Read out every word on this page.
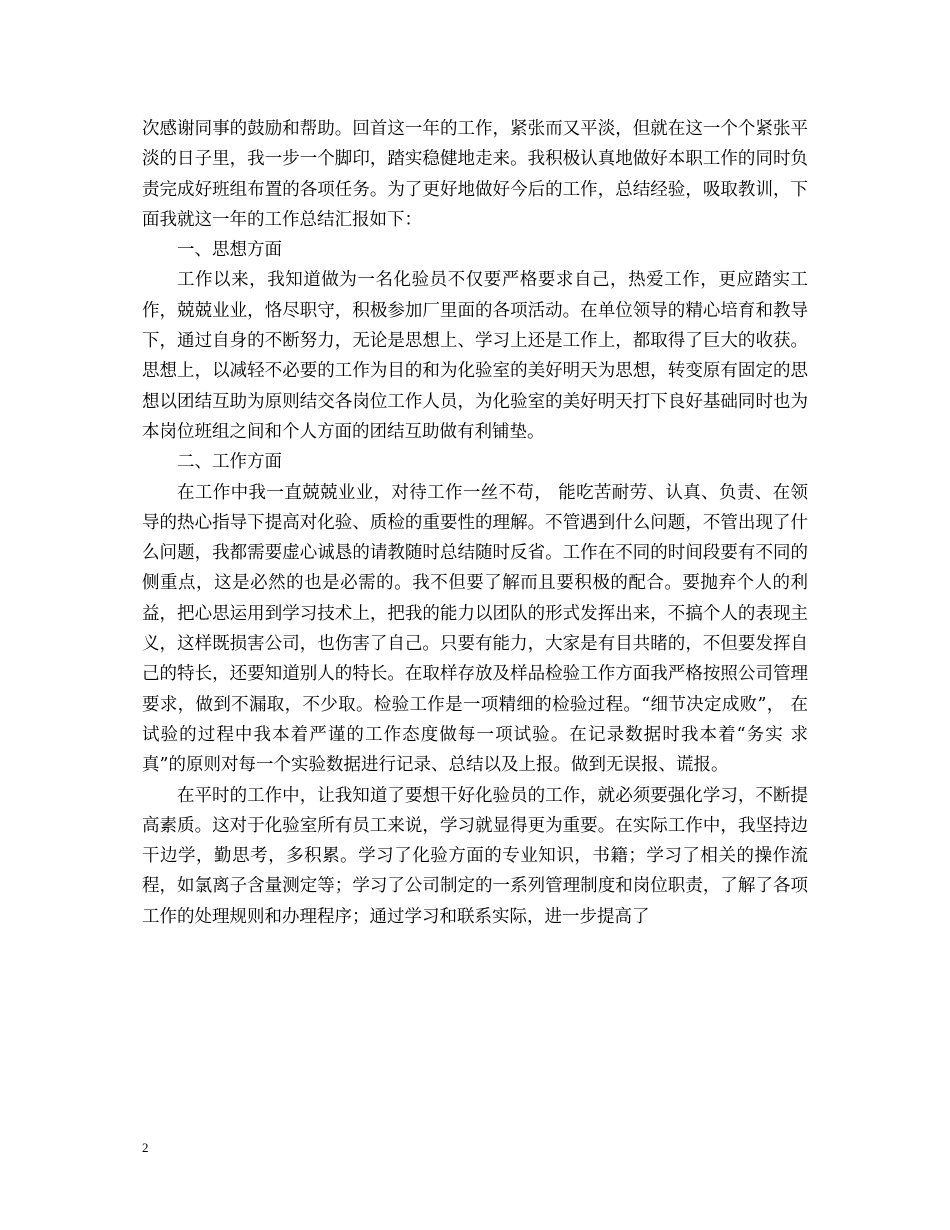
次感谢同事的鼓励和帮助。回首这一年的工作，紧张而又平淡，但就在这一个个紧张平淡的日子里，我一步一个脚印，踏实稳健地走来。我积极认真地做好本职工作的同时负责完成好班组布置的各项任务。为了更好地做好今后的工作，总结经验，吸取教训，下面我就这一年的工作总结汇报如下：

一、思想方面

工作以来，我知道做为一名化验员不仅要严格要求自己，热爱工作，更应踏实工作，兢兢业业，恪尽职守，积极参加厂里面的各项活动。在单位领导的精心培育和教导下，通过自身的不断努力，无论是思想上、学习上还是工作上，都取得了巨大的收获。思想上，以减轻不必要的工作为目的和为化验室的美好明天为思想，转变原有固定的思想以团结互助为原则结交各岗位工作人员，为化验室的美好明天打下良好基础同时也为本岗位班组之间和个人方面的团结互助做有利铺垫。

二、工作方面

在工作中我一直兢兢业业，对待工作一丝不苟， 能吃苦耐劳、认真、负责、在领导的热心指导下提高对化验、质检的重要性的理解。不管遇到什么问题，不管出现了什么问题，我都需要虚心诚恳的请教随时总结随时反省。工作在不同的时间段要有不同的侧重点，这是必然的也是必需的。我不但要了解而且要积极的配合。要抛弃个人的利益，把心思运用到学习技术上，把我的能力以团队的形式发挥出来，不搞个人的表现主义，这样既损害公司，也伤害了自己。只要有能力，大家是有目共睹的，不但要发挥自己的特长，还要知道别人的特长。在取样存放及样品检验工作方面我严格按照公司管理要求，做到不漏取，不少取。检验工作是一项精细的检验过程。“细节决定成败”， 在试验的过程中我本着严谨的工作态度做每一项试验。在记录数据时我本着“务实 求真”的原则对每一个实验数据进行记录、总结以及上报。做到无误报、谎报。

在平时的工作中，让我知道了要想干好化验员的工作，就必须要强化学习，不断提高素质。这对于化验室所有员工来说，学习就显得更为重要。在实际工作中，我坚持边干边学，勤思考，多积累。学习了化验方面的专业知识，书籍；学习了相关的操作流程，如氯离子含量测定等；学习了公司制定的一系列管理制度和岗位职责，了解了各项工作的处理规则和办理程序；通过学习和联系实际，进一步提高了

2
